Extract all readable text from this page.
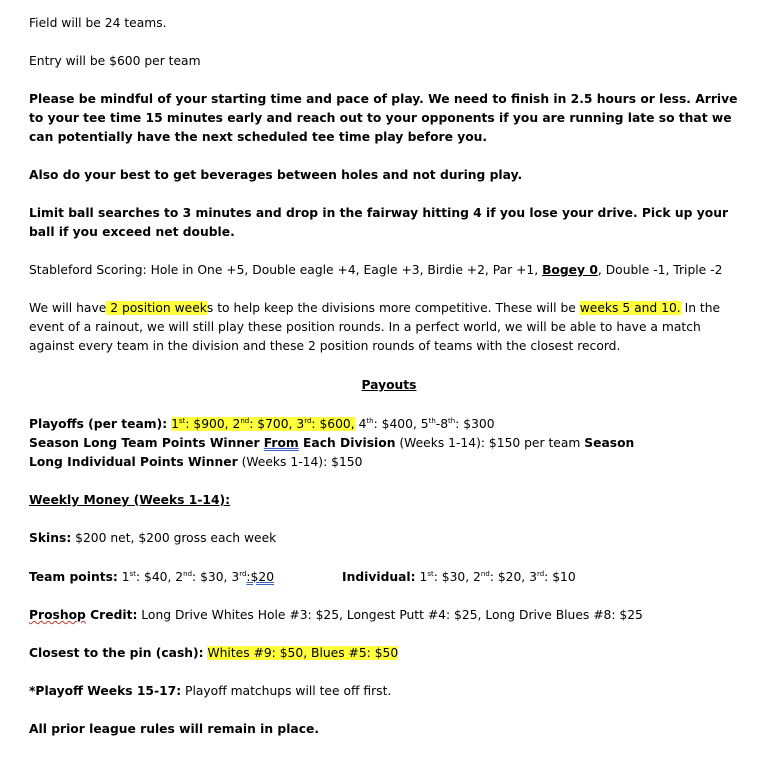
Field will be 24 teams.

Entry will be $600 per team

Please be mindful of your starting time and pace of play. We need to finish in 2.5 hours or less. Arrive to your tee time 15 minutes early and reach out to your opponents if you are running late so that we can potentially have the next scheduled tee time play before you.

Also do your best to get beverages between holes and not during play.

Limit ball searches to 3 minutes and drop in the fairway hitting 4 if you lose your drive. Pick up your ball if you exceed net double.

Stableford Scoring: Hole in One +5, Double eagle +4, Eagle +3, Birdie +2, Par +1, Bogey 0, Double -1, Triple -2

We will have 2 position weeks to help keep the divisions more competitive. These will be weeks 5 and 10. In the event of a rainout, we will still play these position rounds. In a perfect world, we will be able to have a match against every team in the division and these 2 position rounds of teams with the closest record.

Payouts

Playoffs (per team): 1st: $900, 2nd: $700, 3rd: $600, 4th: $400, 5th-8th: $300

Season Long Team Points Winner From Each Division (Weeks 1-14): $150 per team Season

Long Individual Points Winner (Weeks 1-14): $150

Weekly Money (Weeks 1-14):

Skins: $200 net, $200 gross each week

Team points: 1st: $40, 2nd: $30, 3rd:$20	Individual: 1st: $30, 2nd: $20, 3rd: $10

Proshop Credit: Long Drive Whites Hole #3: $25, Longest Putt #4: $25, Long Drive Blues #8: $25

Closest to the pin (cash): Whites #9: $50, Blues #5: $50

*Playoff Weeks 15-17: Playoff matchups will tee off first.

All prior league rules will remain in place.
